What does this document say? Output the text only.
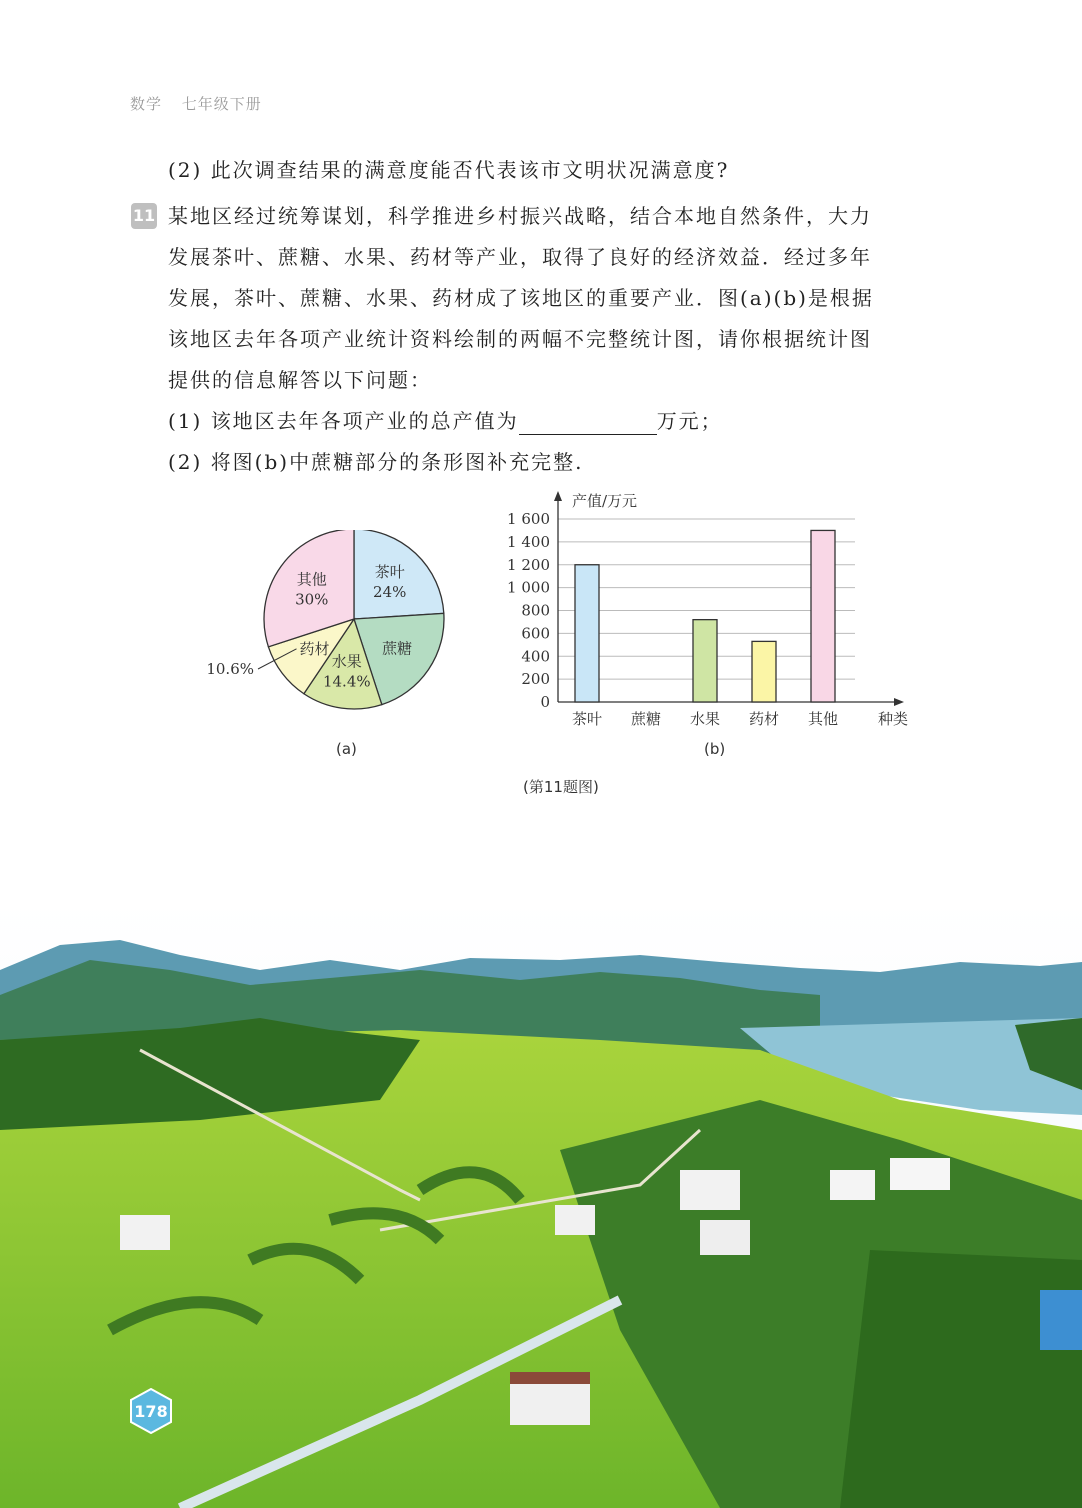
数学 七年级下册
(2) 此次调查结果的满意度能否代表该市文明状况满意度?
11 某地区经过统筹谋划，科学推进乡村振兴战略，结合本地自然条件，大力
发展茶叶、蔗糖、水果、药材等产业，取得了良好的经济效益．经过多年
发展，茶叶、蔗糖、水果、药材成了该地区的重要产业．图(a)(b)是根据
该地区去年各项产业统计资料绘制的两幅不完整统计图，请你根据统计图
提供的信息解答以下问题：
(1) 该地区去年各项产业的总产值为	万元；
(2) 将图(b)中蔗糖部分的条形图补充完整.
茶叶
24%
蔗糖
水果
14.4%
药材
10.6%
其他
30%
0
200
400
600
800
1 000
1 200
1 400
1 600
产值/万元
种类
茶叶 蔗糖 水果 药材 其他
(a)	(b)
(第11题图)
178
